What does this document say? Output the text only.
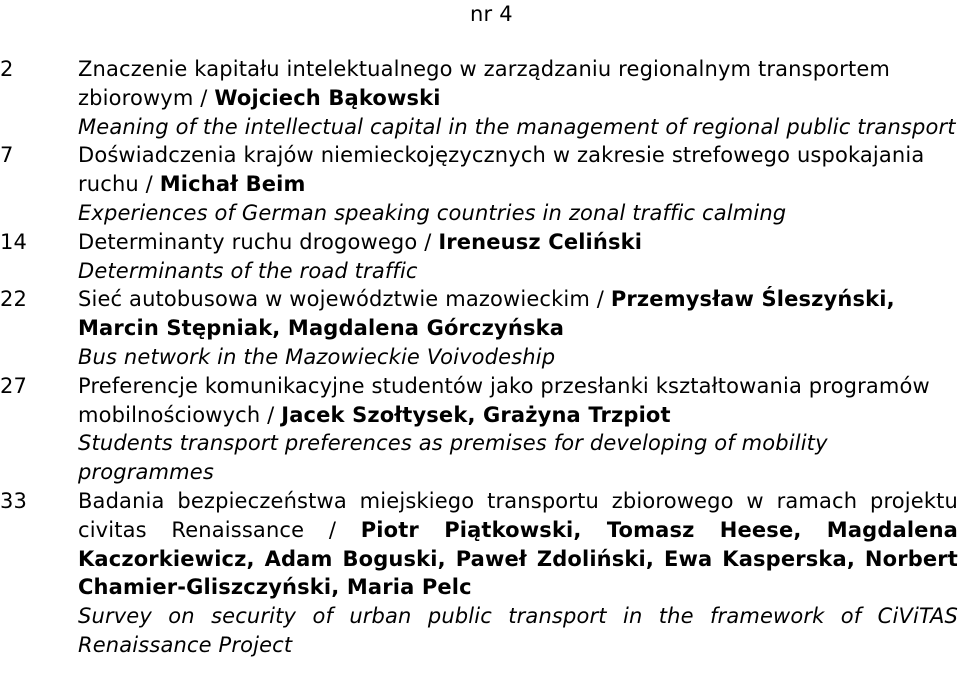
nr 4
2	Znaczenie kapitału intelektualnego w zarządzaniu regionalnym transportem zbiorowym / Wojciech Bąkowski
Meaning of the intellectual capital in the management of regional public transport
7	Doświadczenia krajów niemieckojęzycznych w zakresie strefowego uspokajania ruchu / Michał Beim
Experiences of German speaking countries in zonal traffic calming
14	Determinanty ruchu drogowego / Ireneusz Celiński
Determinants of the road traffic
22	Sieć autobusowa w województwie mazowieckim / Przemysław Śleszyński, Marcin Stępniak, Magdalena Górczyńska
Bus network in the Mazowieckie Voivodeship
27	Preferencje komunikacyjne studentów jako przesłanki kształtowania programów mobilnościowych / Jacek Szołtysek, Grażyna Trzpiot
Students transport preferences as premises for developing of mobility programmes
33	Badania bezpieczeństwa miejskiego transportu zbiorowego w ramach projektu civitas Renaissance / Piotr Piątkowski, Tomasz Heese, Magdalena Kaczorkiewicz, Adam Boguski, Paweł Zdoliński, Ewa Kasperska, Norbert Chamier-Gliszczyński, Maria Pelc
Survey on security of urban public transport in the framework of CiViTAS Renaissance Project
